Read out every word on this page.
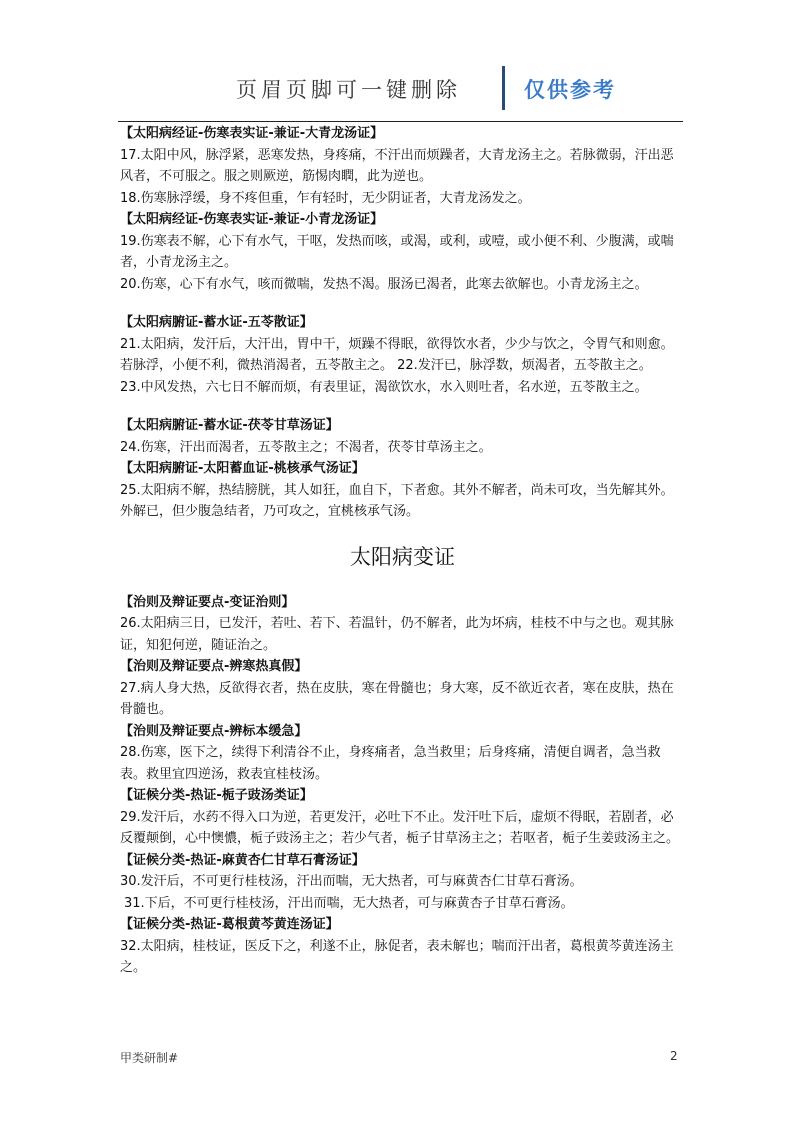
页眉页脚可一键删除	仅供参考

【太阳病经证-伤寒表实证-兼证-大青龙汤证】

17.太阳中风，脉浮紧，恶寒发热，身疼痛，不汗出而烦躁者，大青龙汤主之。若脉微弱，汗出恶风者，不可服之。服之则厥逆，筋惕肉瞤，此为逆也。

18.伤寒脉浮缓，身不疼但重，乍有轻时，无少阴证者，大青龙汤发之。

【太阳病经证-伤寒表实证-兼证-小青龙汤证】

19.伤寒表不解，心下有水气，干呕，发热而咳，或渴，或利，或噎，或小便不利、少腹满，或喘者，小青龙汤主之。

20.伤寒，心下有水气，咳而微喘，发热不渴。服汤已渴者，此寒去欲解也。小青龙汤主之。

【太阳病腑证-蓄水证-五苓散证】

21.太阳病，发汗后，大汗出，胃中干，烦躁不得眠，欲得饮水者，少少与饮之，令胃气和则愈。若脉浮，小便不利，微热消渴者，五苓散主之。 22.发汗已，脉浮数，烦渴者，五苓散主之。

23.中风发热，六七日不解而烦，有表里证，渴欲饮水，水入则吐者，名水逆，五苓散主之。

【太阳病腑证-蓄水证-茯苓甘草汤证】

24.伤寒，汗出而渴者，五苓散主之；不渴者，茯苓甘草汤主之。

【太阳病腑证-太阳蓄血证-桃核承气汤证】

25.太阳病不解，热结膀胱，其人如狂，血自下，下者愈。其外不解者，尚未可攻，当先解其外。外解已，但少腹急结者，乃可攻之，宜桃核承气汤。

太阳病变证

【治则及辩证要点-变证治则】

26.太阳病三日，已发汗，若吐、若下、若温针，仍不解者，此为坏病，桂枝不中与之也。观其脉证，知犯何逆，随证治之。

【治则及辩证要点-辨寒热真假】

27.病人身大热，反欲得衣者，热在皮肤，寒在骨髓也；身大寒，反不欲近衣者，寒在皮肤，热在骨髓也。

【治则及辩证要点-辨标本缓急】

28.伤寒，医下之，续得下利清谷不止，身疼痛者，急当救里；后身疼痛，清便自调者，急当救表。救里宜四逆汤，救表宜桂枝汤。

【证候分类-热证-栀子豉汤类证】

29.发汗后，水药不得入口为逆，若更发汗，必吐下不止。发汗吐下后，虚烦不得眠，若剧者，必反覆颠倒，心中懊憹，栀子豉汤主之；若少气者，栀子甘草汤主之；若呕者，栀子生姜豉汤主之。

【证候分类-热证-麻黄杏仁甘草石膏汤证】

30.发汗后，不可更行桂枝汤，汗出而喘，无大热者，可与麻黄杏仁甘草石膏汤。

31.下后，不可更行桂枝汤，汗出而喘，无大热者，可与麻黄杏子甘草石膏汤。

【证候分类-热证-葛根黄芩黄连汤证】

32.太阳病，桂枝证，医反下之，利遂不止，脉促者，表未解也；喘而汗出者，葛根黄芩黄连汤主之。

甲类研制#	2
